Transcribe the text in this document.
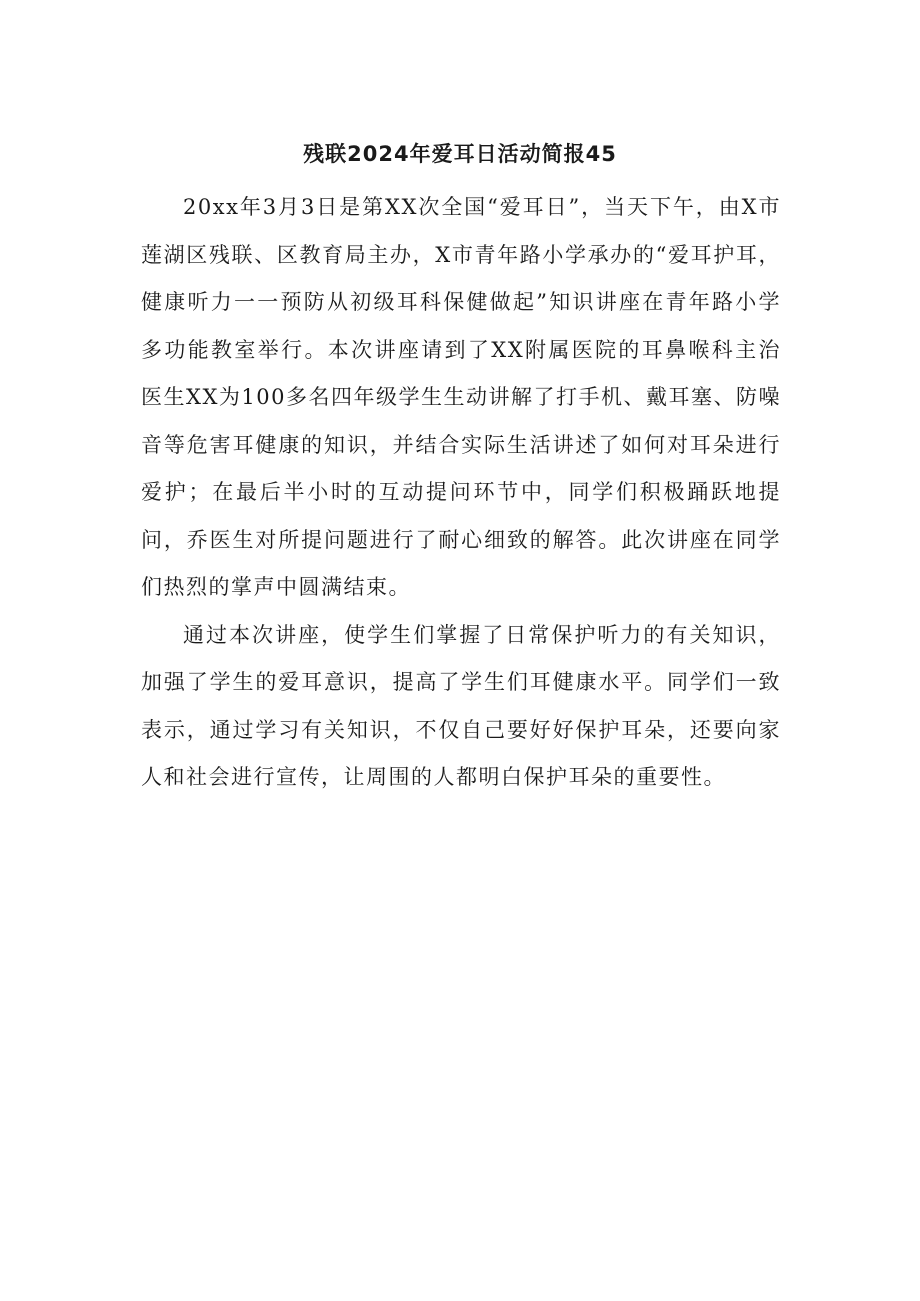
残联2024年爱耳日活动简报45

20xx年3月3日是第XX次全国“爱耳日”，当天下午，由X市莲湖区残联、区教育局主办，X市青年路小学承办的“爱耳护耳，健康听力一一预防从初级耳科保健做起”知识讲座在青年路小学多功能教室举行。本次讲座请到了XX附属医院的耳鼻喉科主治医生XX为100多名四年级学生生动讲解了打手机、戴耳塞、防噪音等危害耳健康的知识，并结合实际生活讲述了如何对耳朵进行爱护；在最后半小时的互动提问环节中，同学们积极踊跃地提问，乔医生对所提问题进行了耐心细致的解答。此次讲座在同学们热烈的掌声中圆满结束。

通过本次讲座，使学生们掌握了日常保护听力的有关知识，加强了学生的爱耳意识，提高了学生们耳健康水平。同学们一致表示，通过学习有关知识，不仅自己要好好保护耳朵，还要向家人和社会进行宣传，让周围的人都明白保护耳朵的重要性。
